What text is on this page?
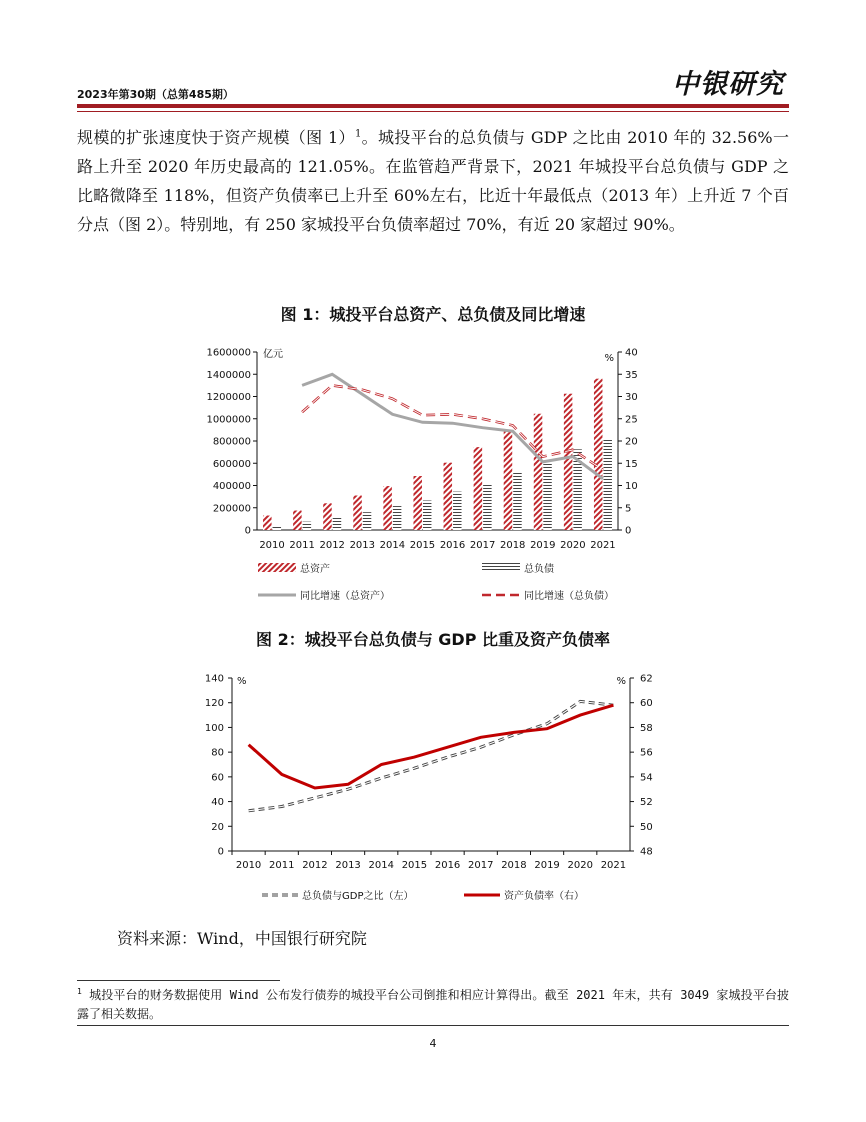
2023年第30期（总第485期）	中银研究
规模的扩张速度快于资产规模（图 1）$^1$。城投平台的总负债与 GDP 之比由 2010 年的 32.56%一路上升至 2020 年历史最高的 121.05%。在监管趋严背景下，2021 年城投平台总负债与 GDP 之比略微降至 118%，但资产负债率已上升至 60%左右，比近十年最低点（2013 年）上升近 7 个百分点（图 2）。特别地，有 250 家城投平台负债率超过 70%，有近 20 家超过 90%。
图 1：城投平台总资产、总负债及同比增速
0
200000
400000
600000
800000
1000000
1200000
1400000
1600000
0
5
10
15
20
25
30
35
40
亿元	%
2010 2011 2012 2013 2014 2015 2016 2017 2018 2019 2020 2021
总资产	总负债
同比增速（总资产）	同比增速（总负债）
图 2：城投平台总负债与 GDP 比重及资产负债率
0
20
40
60
80
100
120
140
48
50
52
54
56
58
60
62
%	%
2010 2011 2012 2013 2014 2015 2016 2017 2018 2019 2020 2021
总负债与GDP之比（左）	资产负债率（右）
资料来源：Wind，中国银行研究院
$^1$ 城投平台的财务数据使用 Wind 公布发行债券的城投平台公司倒推和相应计算得出。截至 2021 年末，共有 3049 家城投平台披露了相关数据。
4
